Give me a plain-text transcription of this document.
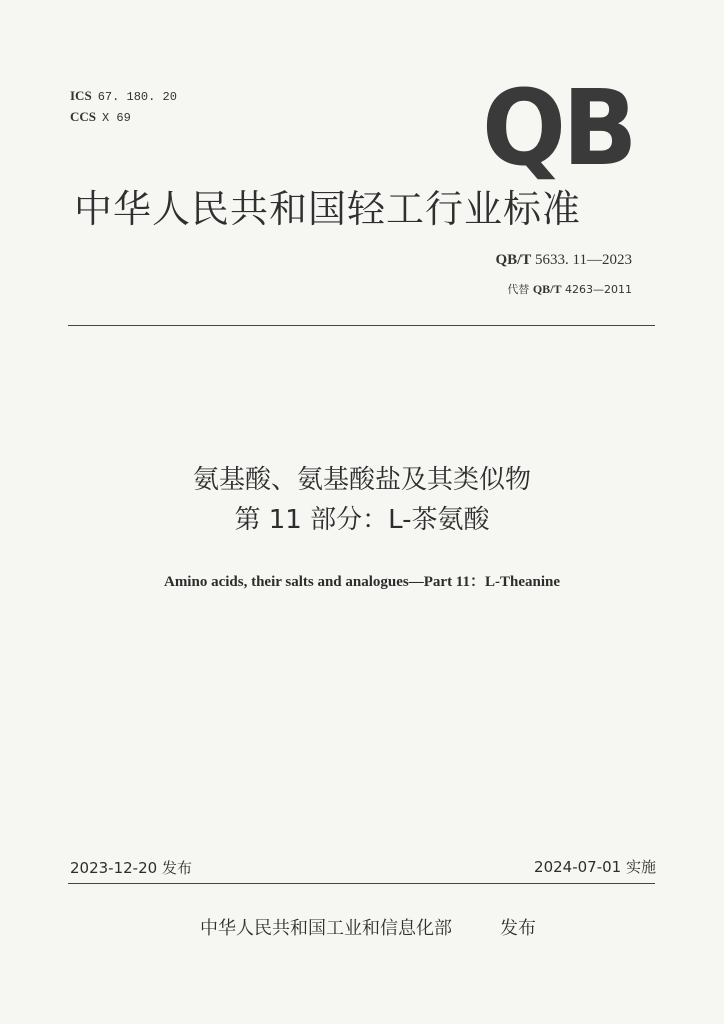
ICS 67. 180. 20
CCS X 69	QB
中华人民共和国轻工行业标准
QB/T 5633. 11—2023
代替 QB/T 4263—2011
氨基酸、氨基酸盐及其类似物
第 11 部分：L-茶氨酸
Amino acids, their salts and analogues—Part 11：L-Theanine
2023-12-20 发布	2024-07-01 实施
中华人民共和国工业和信息化部	发布
